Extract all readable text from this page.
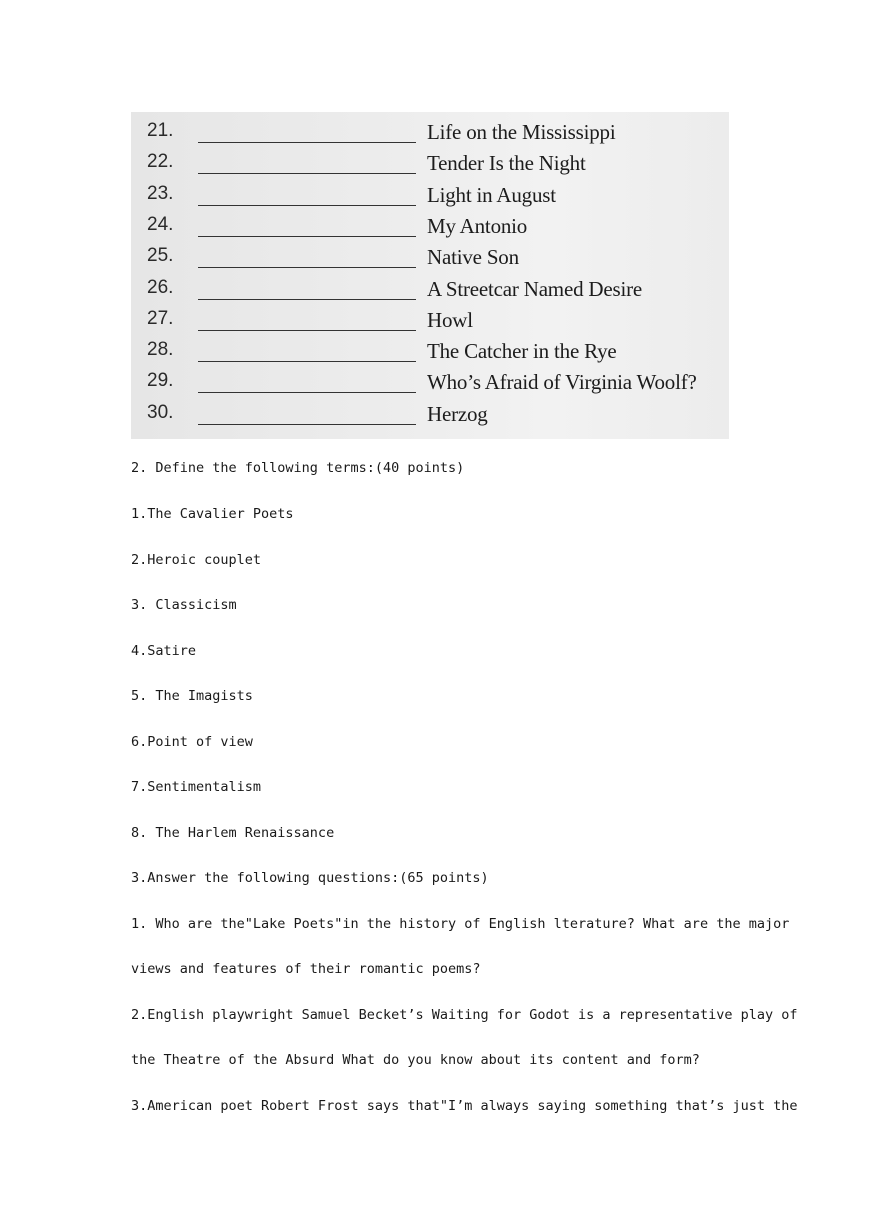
21.	Life on the Mississippi
22.	Tender Is the Night
23.	Light in August
24.	My Antonio
25.	Native Son
26.	A Streetcar Named Desire
27.	Howl
28.	The Catcher in the Rye
29.	Who’s Afraid of Virginia Woolf?
30.	Herzog
2. Define the following terms:(40 points)
1.The Cavalier Poets
2.Heroic couplet
3. Classicism
4.Satire
5. The Imagists
6.Point of view
7.Sentimentalism
8. The Harlem Renaissance
3.Answer the following questions:(65 points)
1. Who are the"Lake Poets"in the history of English lterature? What are the major
views and features of their romantic poems?
2.English playwright Samuel Becket’s Waiting for Godot is a representative play of
the Theatre of the Absurd What do you know about its content and form?
3.American poet Robert Frost says that"I’m always saying something that’s just the
